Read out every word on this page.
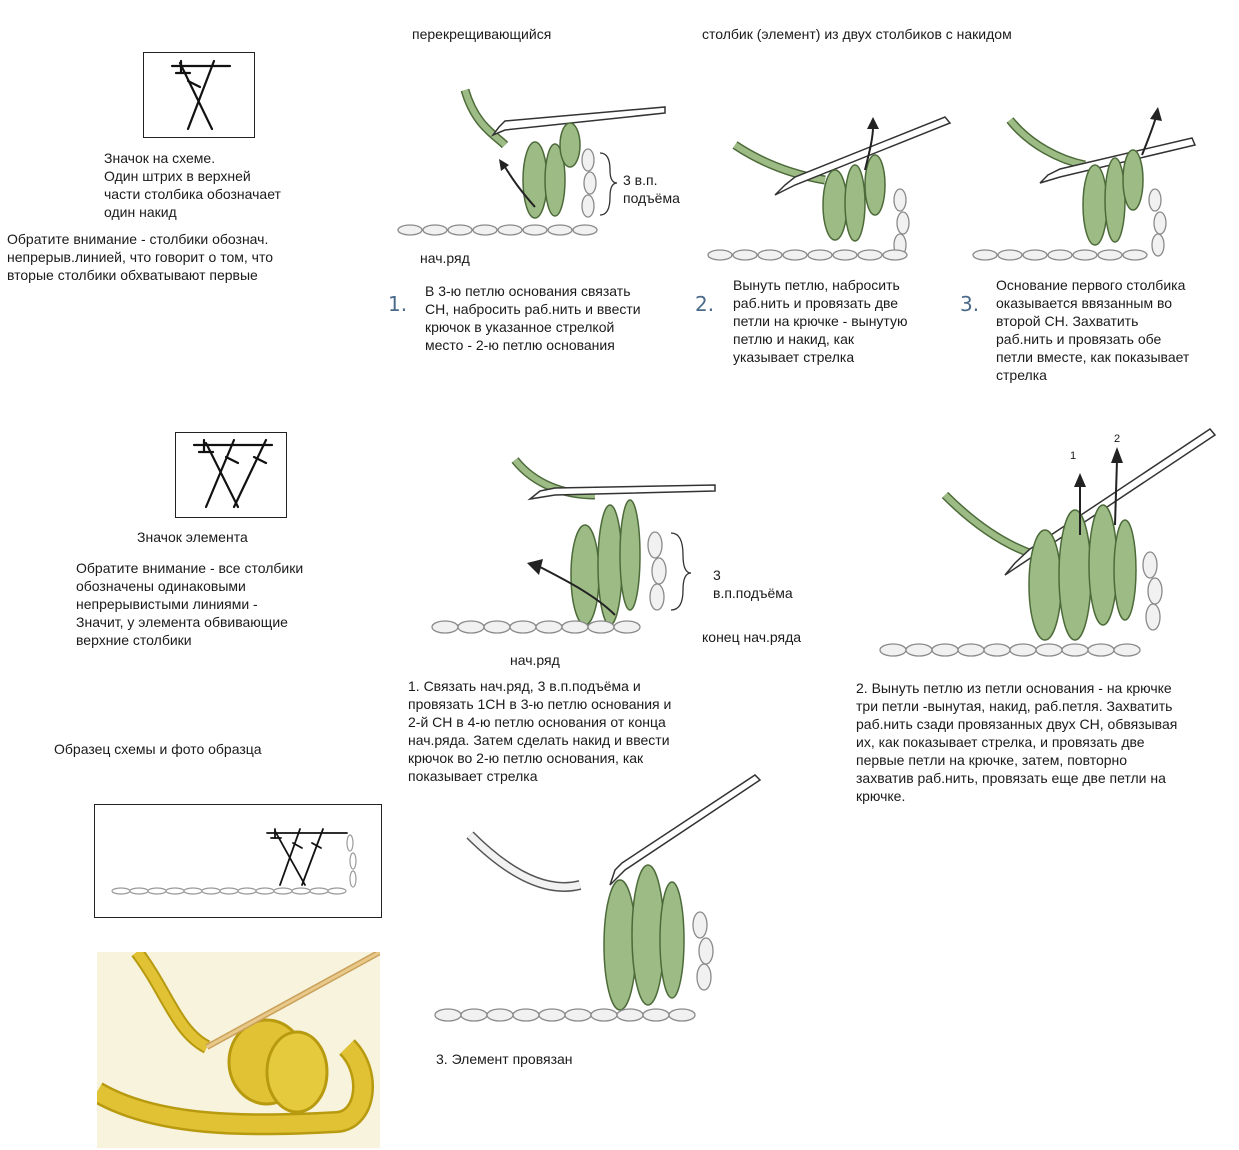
перекрещивающийся	столбик (элемент) из двух столбиков с накидом
Значок на схеме.
Один штрих в верхней
части столбика обозначает
один накид
Обратите внимание - столбики обознач.
непрерыв.линией, что говорит о том, что
вторые столбики обхватывают первые
3 в.п.
подъёма
нач.ряд
1.
В 3-ю петлю основания связать
СН, набросить раб.нить и ввести
крючок в указанное стрелкой
место - 2-ю петлю основания
2.
Вынуть петлю, набросить
раб.нить и провязать две
петли на крючке - вынутую
петлю и накид, как
указывает стрелка
3.
Основание первого столбика
оказывается ввязанным во
второй СН. Захватить
раб.нить и провязать обе
петли вместе, как показывает
стрелка
Значок элемента
Обратите внимание - все столбики
обозначены одинаковыми
непрерывистыми линиями -
Значит, у элемента обвивающие
верхние столбики
3
в.п.подъёма
конец нач.ряда
нач.ряд
1. Связать нач.ряд, 3 в.п.подъёма и
провязать 1СН в 3-ю петлю основания и
2-й СН в 4-ю петлю основания от конца
нач.ряда. Затем сделать накид и ввести
крючок во 2-ю петлю основания, как
показывает стрелка
1
2
2. Вынуть петлю из петли основания - на крючке
три петли -вынутая, накид, раб.петля. Захватить
раб.нить сзади провязанных двух СН, обвязывая
их, как показывает стрелка, и провязать две
первые петли на крючке, затем, повторно
захватив раб.нить, провязать еще две петли на
крючке.
3. Элемент провязан
Образец схемы и фото образца
